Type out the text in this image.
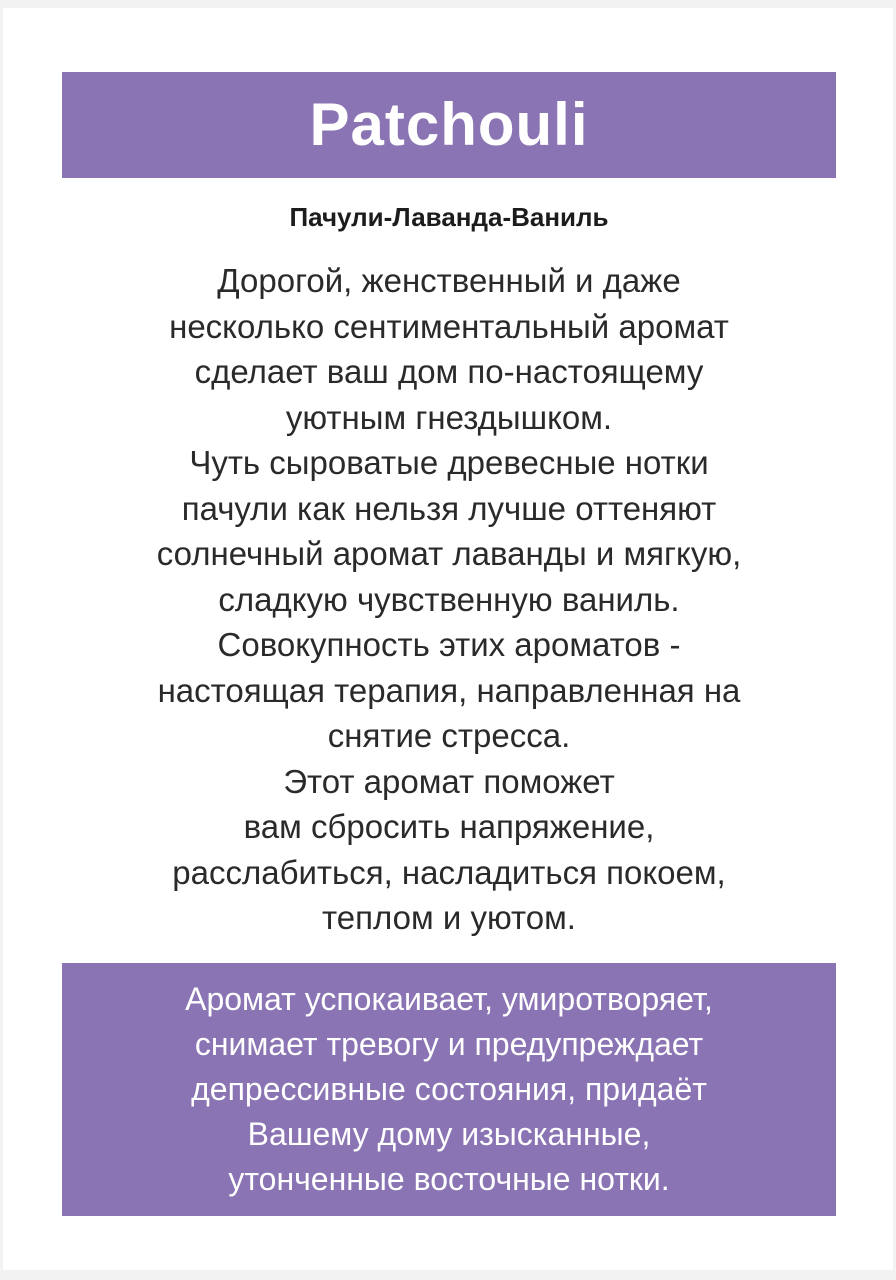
Patchouli
Пачули-Лаванда-Ваниль

Дорогой, женственный и даже
несколько сентиментальный аромат
сделает ваш дом по-настоящему
уютным гнездышком.
Чуть сыроватые древесные нотки
пачули как нельзя лучше оттеняют
солнечный аромат лаванды и мягкую,
сладкую чувственную ваниль.
Совокупность этих ароматов -
настоящая терапия, направленная на
снятие стресса.
Этот аромат поможет
вам сбросить напряжение,
расслабиться, насладиться покоем,
теплом и уютом.

Аромат успокаивает, умиротворяет,
снимает тревогу и предупреждает
депрессивные состояния, придаёт
Вашему дому изысканные,
утонченные восточные нотки.
